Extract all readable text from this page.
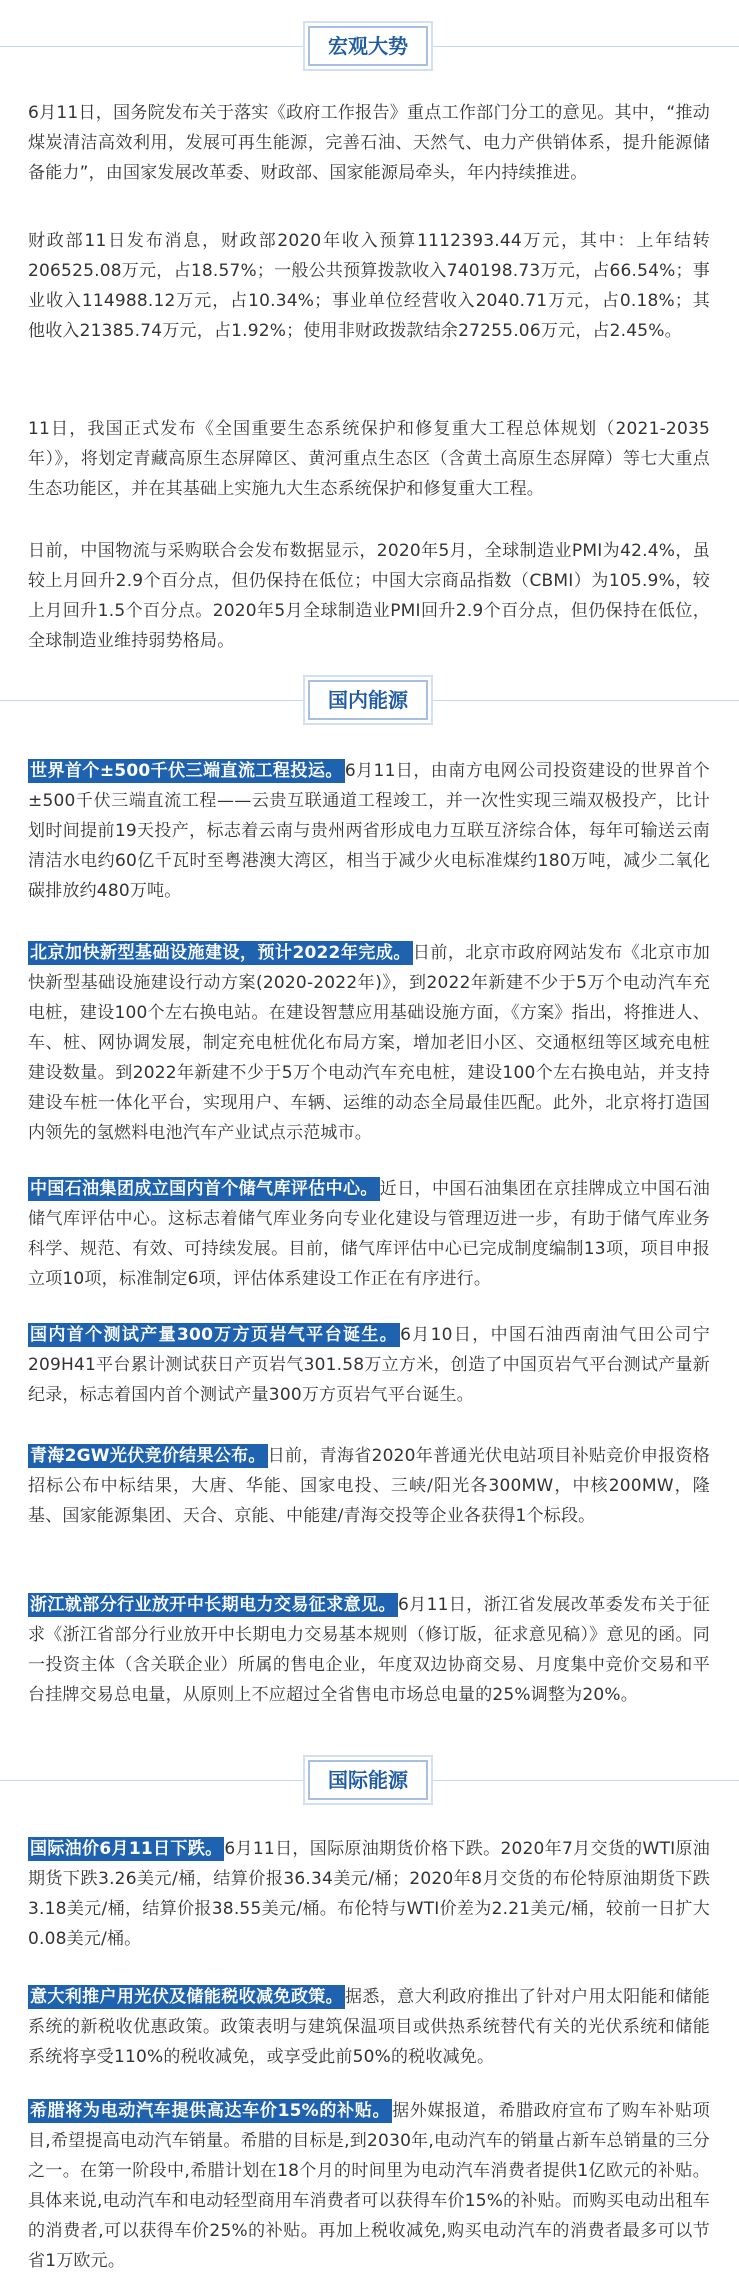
宏观大势

6月11日，国务院发布关于落实《政府工作报告》重点工作部门分工的意见。其中，“推动煤炭清洁高效利用，发展可再生能源，完善石油、天然气、电力产供销体系，提升能源储备能力”，由国家发展改革委、财政部、国家能源局牵头，年内持续推进。

财政部11日发布消息，财政部2020年收入预算1112393.44万元，其中：上年结转206525.08万元，占18.57%；一般公共预算拨款收入740198.73万元，占66.54%；事业收入114988.12万元，占10.34%；事业单位经营收入2040.71万元，占0.18%；其他收入21385.74万元，占1.92%；使用非财政拨款结余27255.06万元，占2.45%。

11日，我国正式发布《全国重要生态系统保护和修复重大工程总体规划（2021-2035年）》，将划定青藏高原生态屏障区、黄河重点生态区（含黄土高原生态屏障）等七大重点生态功能区，并在其基础上实施九大生态系统保护和修复重大工程。

日前，中国物流与采购联合会发布数据显示，2020年5月，全球制造业PMI为42.4%，虽较上月回升2.9个百分点，但仍保持在低位；中国大宗商品指数（CBMI）为105.9%，较上月回升1.5个百分点。2020年5月全球制造业PMI回升2.9个百分点，但仍保持在低位，全球制造业维持弱势格局。

国内能源

世界首个±500千伏三端直流工程投运。 6月11日，由南方电网公司投资建设的世界首个±500千伏三端直流工程——云贵互联通道工程竣工，并一次性实现三端双极投产，比计划时间提前19天投产，标志着云南与贵州两省形成电力互联互济综合体，每年可输送云南清洁水电约60亿千瓦时至粤港澳大湾区，相当于减少火电标准煤约180万吨，减少二氧化碳排放约480万吨。

北京加快新型基础设施建设，预计2022年完成。 日前，北京市政府网站发布《北京市加快新型基础设施建设行动方案(2020-2022年)》，到2022年新建不少于5万个电动汽车充电桩，建设100个左右换电站。在建设智慧应用基础设施方面，《方案》指出，将推进人、车、桩、网协调发展，制定充电桩优化布局方案，增加老旧小区、交通枢纽等区域充电桩建设数量。到2022年新建不少于5万个电动汽车充电桩，建设100个左右换电站，并支持建设车桩一体化平台，实现用户、车辆、运维的动态全局最佳匹配。此外，北京将打造国内领先的氢燃料电池汽车产业试点示范城市。

中国石油集团成立国内首个储气库评估中心。 近日，中国石油集团在京挂牌成立中国石油储气库评估中心。这标志着储气库业务向专业化建设与管理迈进一步，有助于储气库业务科学、规范、有效、可持续发展。目前，储气库评估中心已完成制度编制13项，项目申报立项10项，标准制定6项，评估体系建设工作正在有序进行。

国内首个测试产量300万方页岩气平台诞生。 6月10日，中国石油西南油气田公司宁209H41平台累计测试获日产页岩气301.58万立方米，创造了中国页岩气平台测试产量新纪录，标志着国内首个测试产量300万方页岩气平台诞生。

青海2GW光伏竞价结果公布。 日前，青海省2020年普通光伏电站项目补贴竞价申报资格招标公布中标结果，大唐、华能、国家电投、三峡/阳光各300MW，中核200MW，隆基、国家能源集团、天合、京能、中能建/青海交投等企业各获得1个标段。

浙江就部分行业放开中长期电力交易征求意见。 6月11日，浙江省发展改革委发布关于征求《浙江省部分行业放开中长期电力交易基本规则（修订版，征求意见稿）》意见的函。同一投资主体（含关联企业）所属的售电企业，年度双边协商交易、月度集中竞价交易和平台挂牌交易总电量，从原则上不应超过全省售电市场总电量的25%调整为20%。

国际能源

国际油价6月11日下跌。 6月11日，国际原油期货价格下跌。2020年7月交货的WTI原油期货下跌3.26美元/桶，结算价报36.34美元/桶；2020年8月交货的布伦特原油期货下跌3.18美元/桶，结算价报38.55美元/桶。布伦特与WTI价差为2.21美元/桶，较前一日扩大0.08美元/桶。

意大利推户用光伏及储能税收减免政策。 据悉，意大利政府推出了针对户用太阳能和储能系统的新税收优惠政策。政策表明与建筑保温项目或供热系统替代有关的光伏系统和储能系统将享受110%的税收减免，或享受此前50%的税收减免。

希腊将为电动汽车提供高达车价15%的补贴。 据外媒报道，希腊政府宣布了购车补贴项目,希望提高电动汽车销量。希腊的目标是,到2030年,电动汽车的销量占新车总销量的三分之一。在第一阶段中,希腊计划在18个月的时间里为电动汽车消费者提供1亿欧元的补贴。具体来说,电动汽车和电动轻型商用车消费者可以获得车价15%的补贴。而购买电动出租车的消费者,可以获得车价25%的补贴。再加上税收减免,购买电动汽车的消费者最多可以节省1万欧元。
